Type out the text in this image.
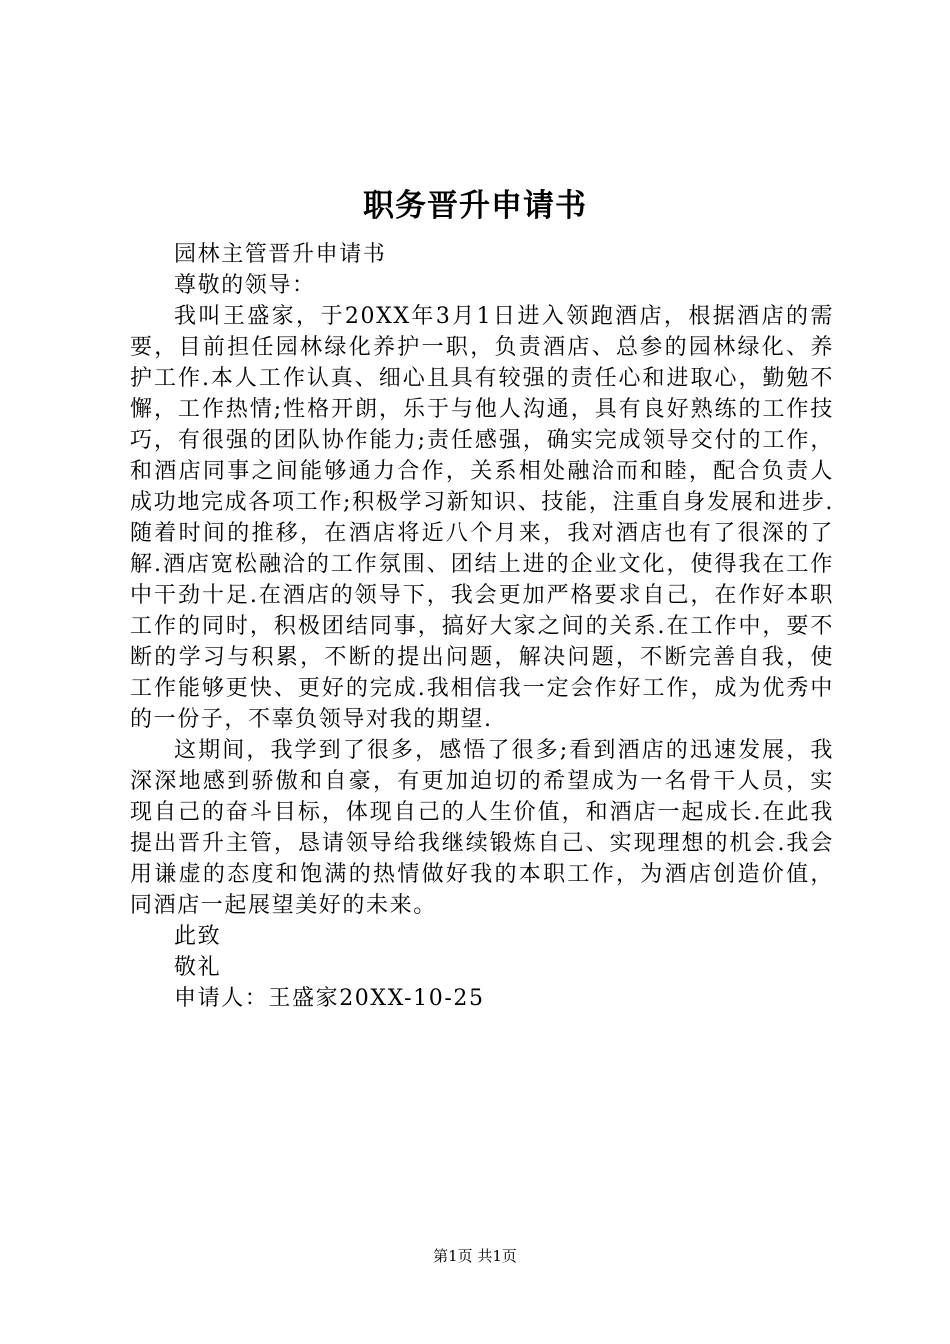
职务晋升申请书

园林主管晋升申请书

尊敬的领导：

我叫王盛家，于20XX年3月1日进入领跑酒店，根据酒店的需要，目前担任园林绿化养护一职，负责酒店、总参的园林绿化、养护工作.本人工作认真、细心且具有较强的责任心和进取心，勤勉不懈，工作热情;性格开朗，乐于与他人沟通，具有良好熟练的工作技巧，有很强的团队协作能力;责任感强，确实完成领导交付的工作，和酒店同事之间能够通力合作，关系相处融洽而和睦，配合负责人成功地完成各项工作;积极学习新知识、技能，注重自身发展和进步.随着时间的推移，在酒店将近八个月来，我对酒店也有了很深的了解.酒店宽松融洽的工作氛围、团结上进的企业文化，使得我在工作中干劲十足.在酒店的领导下，我会更加严格要求自己，在作好本职工作的同时，积极团结同事，搞好大家之间的关系.在工作中，要不断的学习与积累，不断的提出问题，解决问题，不断完善自我，使工作能够更快、更好的完成.我相信我一定会作好工作，成为优秀中的一份子，不辜负领导对我的期望.

这期间，我学到了很多，感悟了很多;看到酒店的迅速发展，我深深地感到骄傲和自豪，有更加迫切的希望成为一名骨干人员，实现自己的奋斗目标，体现自己的人生价值，和酒店一起成长.在此我提出晋升主管，恳请领导给我继续锻炼自己、实现理想的机会.我会用谦虚的态度和饱满的热情做好我的本职工作，为酒店创造价值，同酒店一起展望美好的未来。

此致

敬礼

申请人：王盛家20XX-10-25

第1页 共1页
